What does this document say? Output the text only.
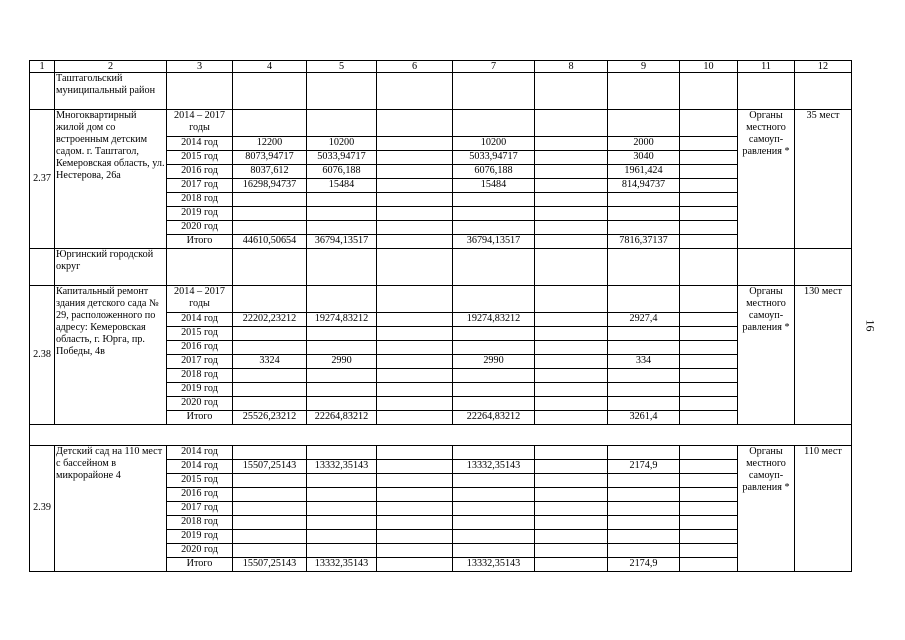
1	2	3	4	5	6	7	8	9	10	11	12
	Таштагольский муниципальный район										
2.37	Многоквартирный жилой дом со встроенным детским садом. г. Таштагол, Кемеровская область, ул. Нестерова, 26а	2014 – 2017 годы								Органы местного самоуп-равления *	35 мест
		2014 год	12200	10200		10200		2000			
		2015 год	8073,94717	5033,94717		5033,94717		3040			
		2016 год	8037,612	6076,188		6076,188		1961,424			
		2017 год	16298,94737	15484		15484		814,94737			
		2018 год									
		2019 год									
		2020 год									
		Итого	44610,50654	36794,13517		36794,13517		7816,37137			
	Юргинский городской округ										
2.38	Капитальный ремонт здания детского сада № 29, расположенного по адресу: Кемеровская область, г. Юрга, пр. Победы, 4в	2014 – 2017 годы								Органы местного самоуп-равления *	130 мест
		2014 год	22202,23212	19274,83212		19274,83212		2927,4			
		2015 год									
		2016 год									
		2017 год	3324	2990		2990		334			
		2018 год									
		2019 год									
		2020 год									
		Итого	25526,23212	22264,83212		22264,83212		3261,4			

2.39	Детский сад на 110 мест с бассейном в микрорайоне 4	2014 год								Органы местного самоуп-равления *	110 мест
		2014 год	15507,25143	13332,35143		13332,35143		2174,9			
		2015 год									
		2016 год									
		2017 год									
		2018 год									
		2019 год									
		2020 год									
		Итого	15507,25143	13332,35143		13332,35143		2174,9			
16
